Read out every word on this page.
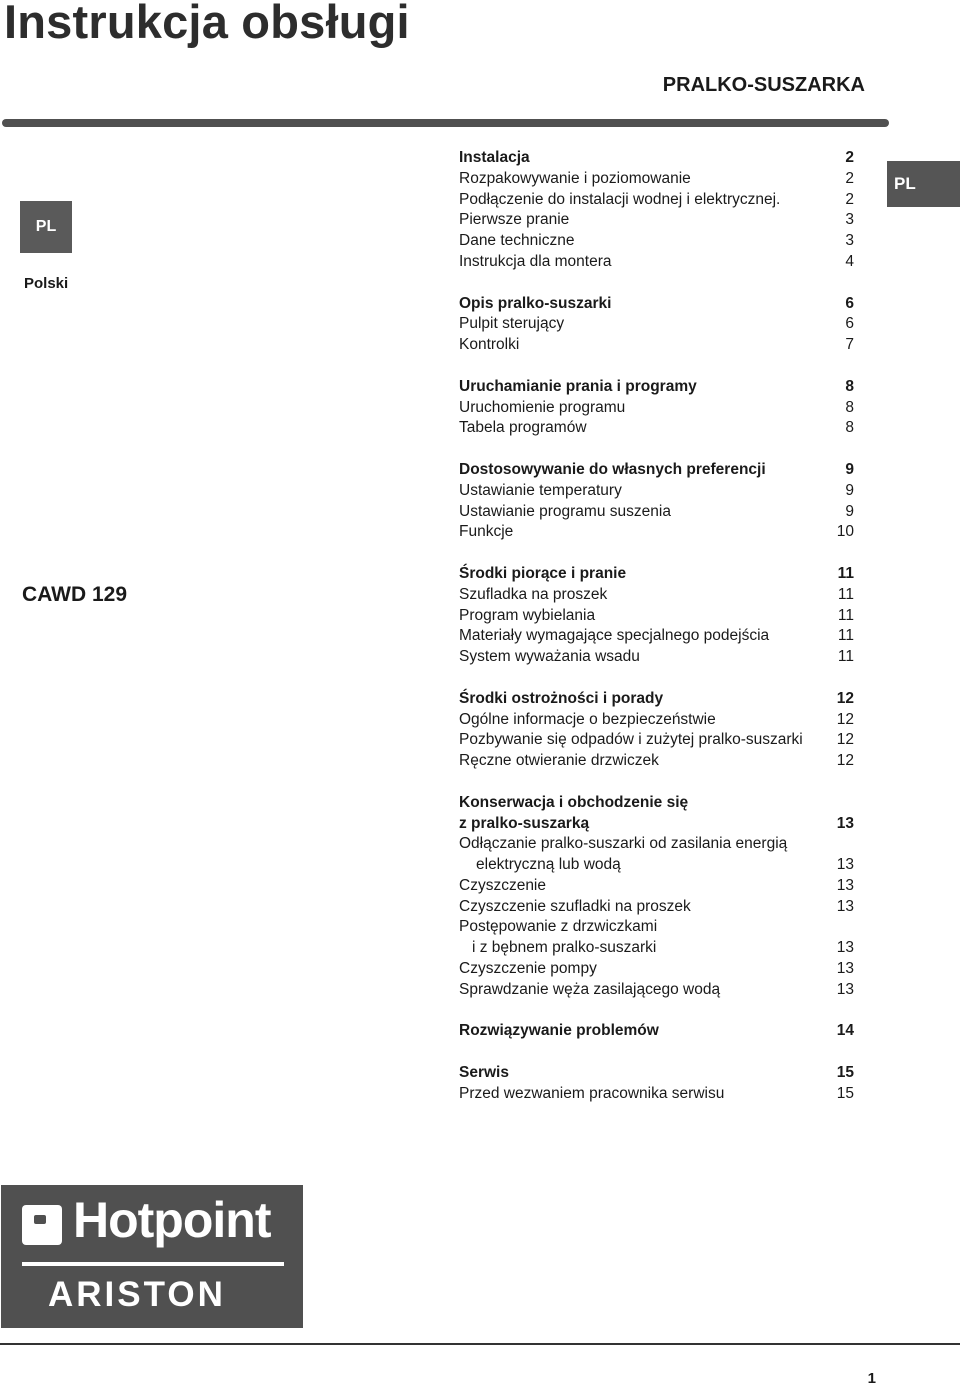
Instrukcja obsługi
PRALKO-SUSZARKA
PL
Polski
CAWD 129
PL
Instalacja	2
Rozpakowywanie i poziomowanie	2
Podłączenie do instalacji wodnej i elektrycznej.	2
Pierwsze pranie	3
Dane techniczne	3
Instrukcja dla montera	4
Opis pralko-suszarki	6
Pulpit sterujący	6
Kontrolki	7
Uruchamianie prania i programy	8
Uruchomienie programu	8
Tabela programów	8
Dostosowywanie do własnych preferencji	9
Ustawianie temperatury	9
Ustawianie programu suszenia	9
Funkcje	10
Środki piorące i pranie	11
Szufladka na proszek	11
Program wybielania	11
Materiały wymagające specjalnego podejścia	11
System wyważania wsadu	11
Środki ostrożności i porady	12
Ogólne informacje o bezpieczeństwie	12
Pozbywanie się odpadów i zużytej pralko-suszarki 12
Ręczne otwieranie drzwiczek	12
Konserwacja i obchodzenie się
z pralko-suszarką	13
Odłączanie pralko-suszarki od zasilania energią
elektryczną lub wodą	13
Czyszczenie	13
Czyszczenie szufladki na proszek	13
Postępowanie z drzwiczkami
i z bębnem pralko-suszarki	13
Czyszczenie pompy	13
Sprawdzanie węża zasilającego wodą	13
Rozwiązywanie problemów	14
Serwis	15
Przed wezwaniem pracownika serwisu	15
Hotpoint
ARISTON
1
